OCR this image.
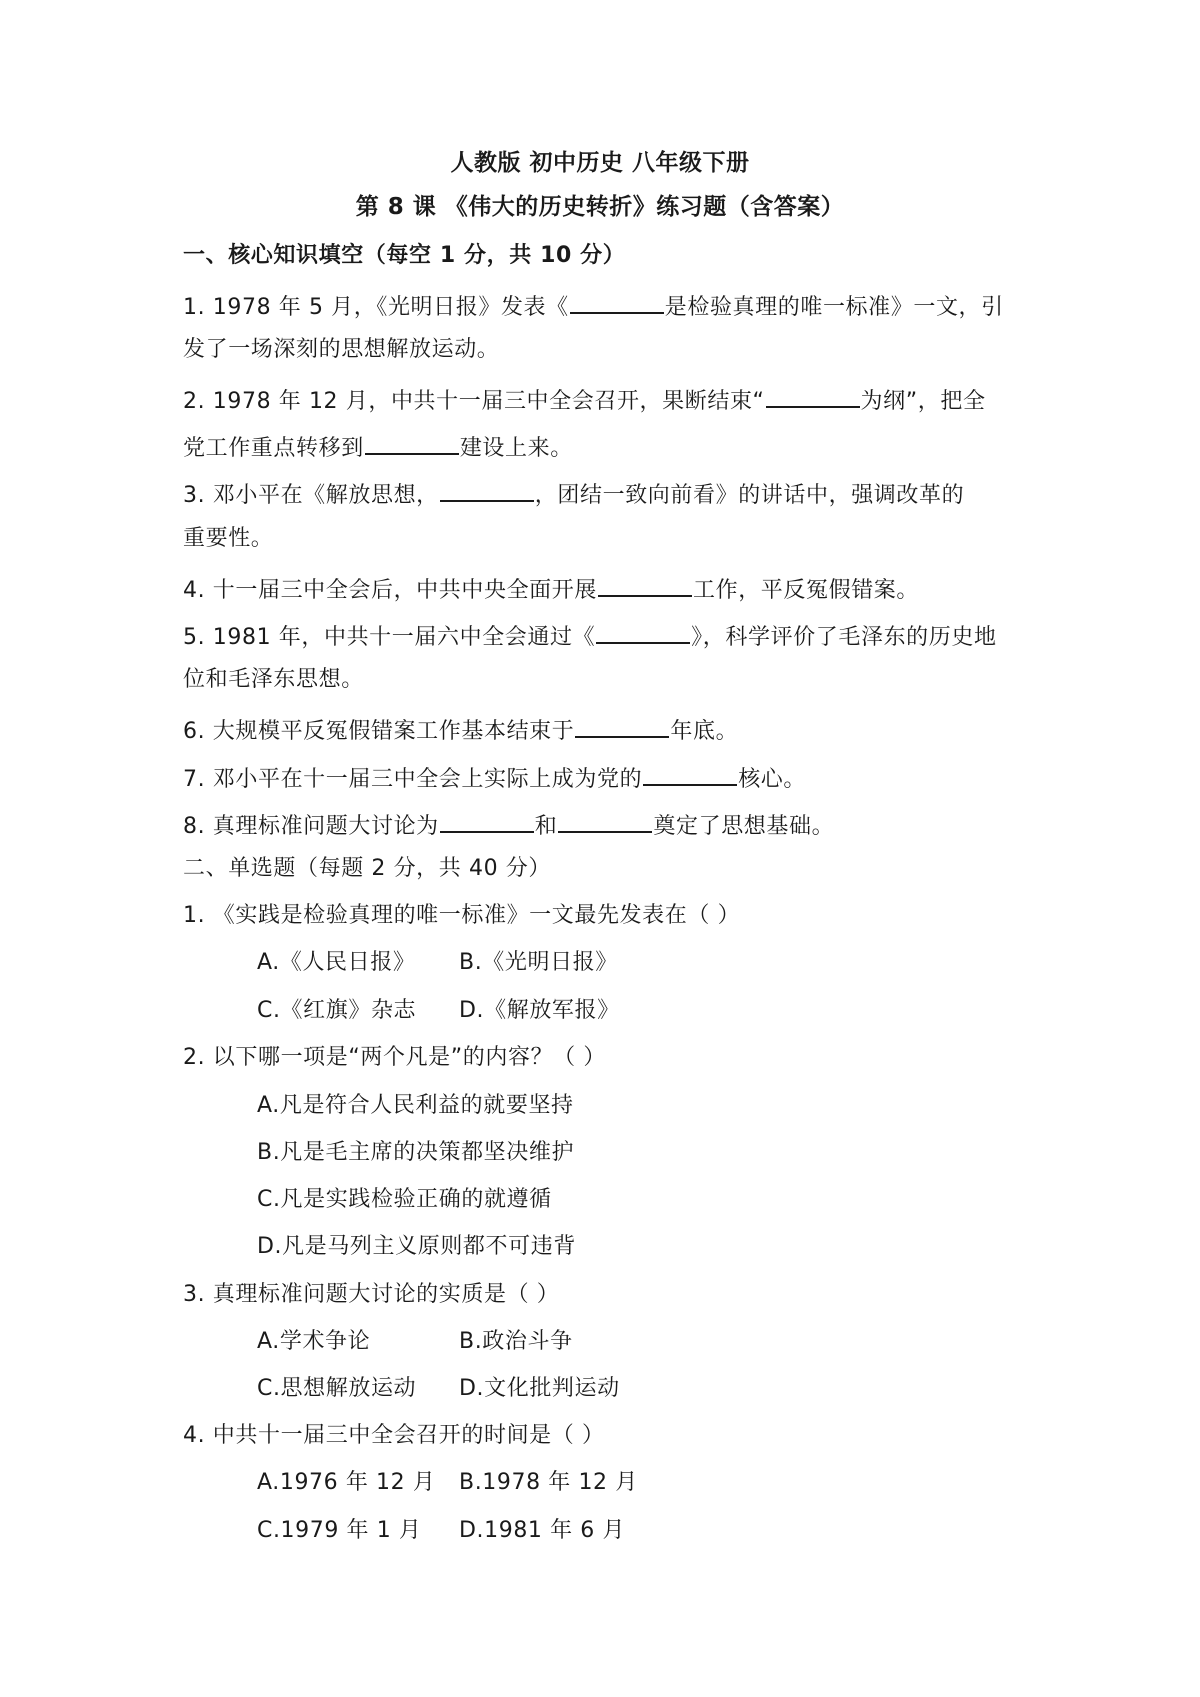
人教版 初中历史 八年级下册
第 8 课 《伟大的历史转折》练习题（含答案）
一、核心知识填空（每空 1 分，共 10 分）
1. 1978 年 5 月，《光明日报》发表《	是检验真理的唯一标准》一文，引
发了一场深刻的思想解放运动。
2. 1978 年 12 月，中共十一届三中全会召开，果断结束“	为纲”，把全
党工作重点转移到	建设上来。
3. 邓小平在《解放思想，	，团结一致向前看》的讲话中，强调改革的
重要性。
4. 十一届三中全会后，中共中央全面开展	工作，平反冤假错案。
5. 1981 年，中共十一届六中全会通过《	》，科学评价了毛泽东的历史地
位和毛泽东思想。
6. 大规模平反冤假错案工作基本结束于	年底。
7. 邓小平在十一届三中全会上实际上成为党的	核心。
8. 真理标准问题大讨论为	和	奠定了思想基础。
二、单选题（每题 2 分，共 40 分）
1. 《实践是检验真理的唯一标准》一文最先发表在（ ）
A.《人民日报》 B.《光明日报》
C.《红旗》杂志 D.《解放军报》
2. 以下哪一项是“两个凡是”的内容？（ ）
A.凡是符合人民利益的就要坚持
B.凡是毛主席的决策都坚决维护
C.凡是实践检验正确的就遵循
D.凡是马列主义原则都不可违背
3. 真理标准问题大讨论的实质是（ ）
A.学术争论	B.政治斗争
C.思想解放运动 D.文化批判运动
4. 中共十一届三中全会召开的时间是（ ）
A.1976 年 12 月 B.1978 年 12 月
C.1979 年 1 月 D.1981 年 6 月
